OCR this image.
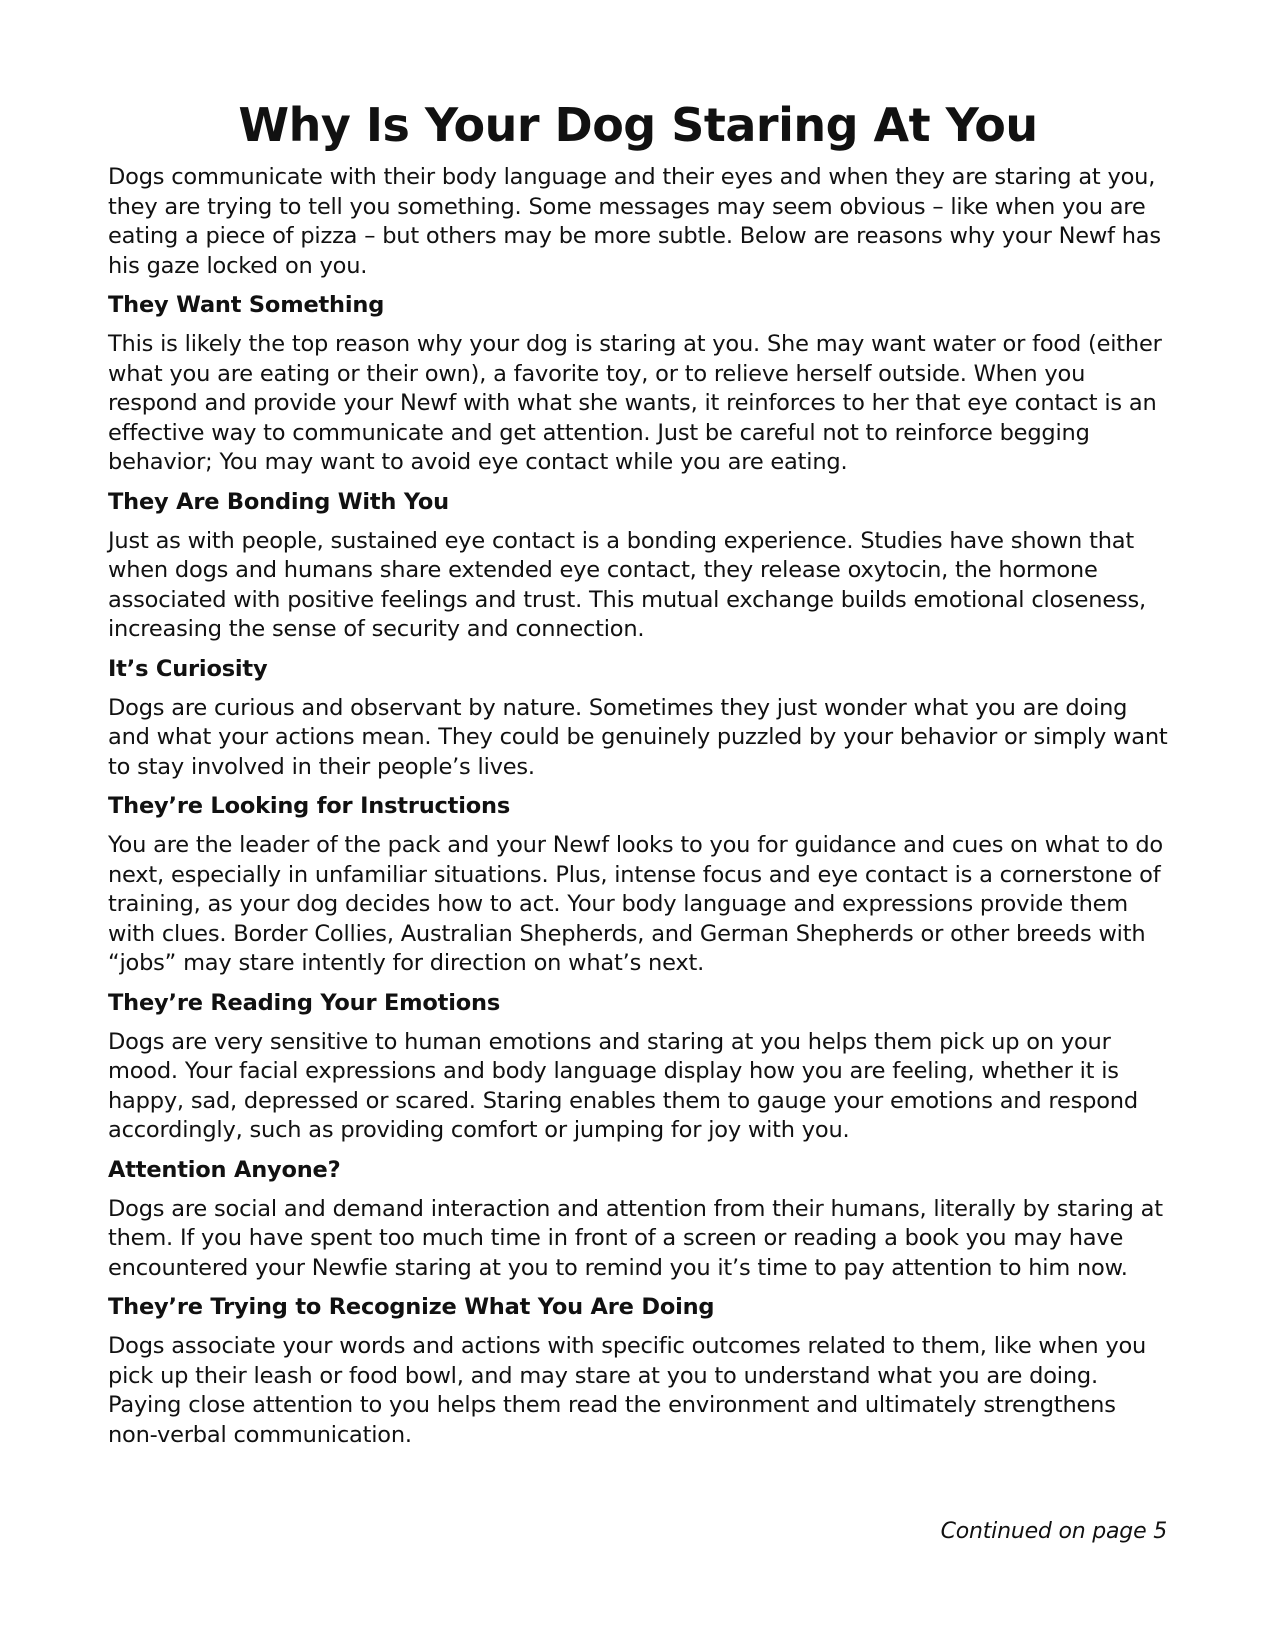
Why Is Your Dog Staring At You

Dogs communicate with their body language and their eyes and when they are staring at you, they are trying to tell you something. Some messages may seem obvious – like when you are eating a piece of pizza – but others may be more subtle. Below are reasons why your Newf has his gaze locked on you.

They Want Something

This is likely the top reason why your dog is staring at you. She may want water or food (either what you are eating or their own), a favorite toy, or to relieve herself outside. When you respond and provide your Newf with what she wants, it reinforces to her that eye contact is an effective way to communicate and get attention. Just be careful not to reinforce begging behavior; You may want to avoid eye contact while you are eating.

They Are Bonding With You

Just as with people, sustained eye contact is a bonding experience. Studies have shown that when dogs and humans share extended eye contact, they release oxytocin, the hormone associated with positive feelings and trust. This mutual exchange builds emotional closeness, increasing the sense of security and connection.

It’s Curiosity

Dogs are curious and observant by nature. Sometimes they just wonder what you are doing and what your actions mean. They could be genuinely puzzled by your behavior or simply want to stay involved in their people’s lives.

They’re Looking for Instructions

You are the leader of the pack and your Newf looks to you for guidance and cues on what to do next, especially in unfamiliar situations. Plus, intense focus and eye contact is a cornerstone of training, as your dog decides how to act. Your body language and expressions provide them with clues. Border Collies, Australian Shepherds, and German Shepherds or other breeds with “jobs” may stare intently for direction on what’s next.

They’re Reading Your Emotions

Dogs are very sensitive to human emotions and staring at you helps them pick up on your mood. Your facial expressions and body language display how you are feeling, whether it is happy, sad, depressed or scared. Staring enables them to gauge your emotions and respond accordingly, such as providing comfort or jumping for joy with you.

Attention Anyone?

Dogs are social and demand interaction and attention from their humans, literally by staring at them. If you have spent too much time in front of a screen or reading a book you may have encountered your Newfie staring at you to remind you it’s time to pay attention to him now.

They’re Trying to Recognize What You Are Doing

Dogs associate your words and actions with specific outcomes related to them, like when you pick up their leash or food bowl, and may stare at you to understand what you are doing. Paying close attention to you helps them read the environment and ultimately strengthens non-verbal communication.

Continued on page 5
